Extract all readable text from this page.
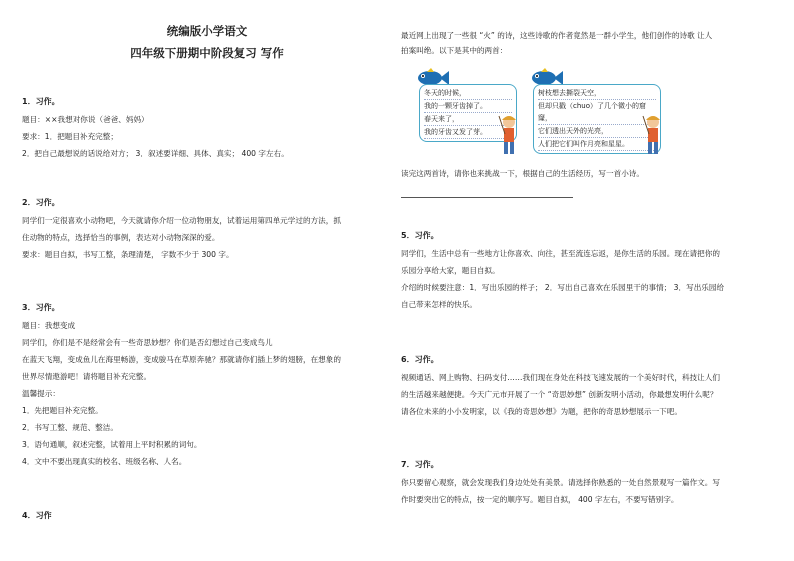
统编版小学语文
四年级下册期中阶段复习 写作
1．习作。

题目：××我想对你说（爸爸、妈妈）

要求：1．把题目补充完整；

2．把自己最想说的话说给对方； 3．叙述要详细、具体、真实； 400 字左右。

2．习作。

同学们一定很喜欢小动物吧，今天就请你介绍一位动物朋友，试着运用第四单元学过的方法，抓

住动物的特点，选择恰当的事例，表达对小动物深深的爱。

要求：题目自拟，书写工整，条理清楚， 字数不少于 300 字。

3．习作。

题目：我想变成

同学们，你们是不是经常会有一些奇思妙想？你们是否幻想过自己变成鸟儿

在蓝天飞翔，变成鱼儿在海里畅游，变成骏马在草原奔驰？那就请你们插上梦的翅膀，在想象的

世界尽情遨游吧！请将题目补充完整。

温馨提示：

1．先把题目补充完整。

2．书写工整、规范、整洁。

3．语句通顺，叙述完整，试着用上平时积累的词句。

4．文中不要出现真实的校名、班级名称、人名。

4．习作

最近网上出现了一些很 “火” 的诗，这些诗歌的作者竟然是一群小学生，他们创作的诗歌 让人

拍案叫绝。以下是其中的两首：

冬天的时候，
我的一颗牙齿掉了。
春天来了，
我的牙齿又发了芽。
树枝想去撕裂天空，
但却只戳（chuo）了几个微小的窟窿，
它们透出天外的光亮，
人们把它们叫作月亮和星星。

读完这两首诗，请你也来挑战一下，根据自己的生活经历，写一首小诗。

5．习作。

同学们，生活中总有一些地方让你喜欢、向往，甚至流连忘返，是你生活的乐园。现在请把你的

乐园分享给大家，题目自拟。

介绍的时候要注意：1．写出乐园的样子； 2．写出自己喜欢在乐园里干的事情； 3．写出乐园给

自己带来怎样的快乐。

6．习作。

视频通话、网上购物、扫码支付……我们现在身处在科技飞速发展的一个美好时代，科技让人们

的生活越来越便捷。今天广元市开展了一个 “奇思妙想” 创新发明小活动，你最想发明什么呢？

请各位未来的小小发明家，以《我的奇思妙想》为题，把你的奇思妙想展示一下吧。

7．习作。

你只要留心观察，就会发现我们身边处处有美景。请选择你熟悉的一处自然景观写一篇作文。写

作时要突出它的特点，按一定的顺序写。题目自拟， 400 字左右，不要写错别字。
